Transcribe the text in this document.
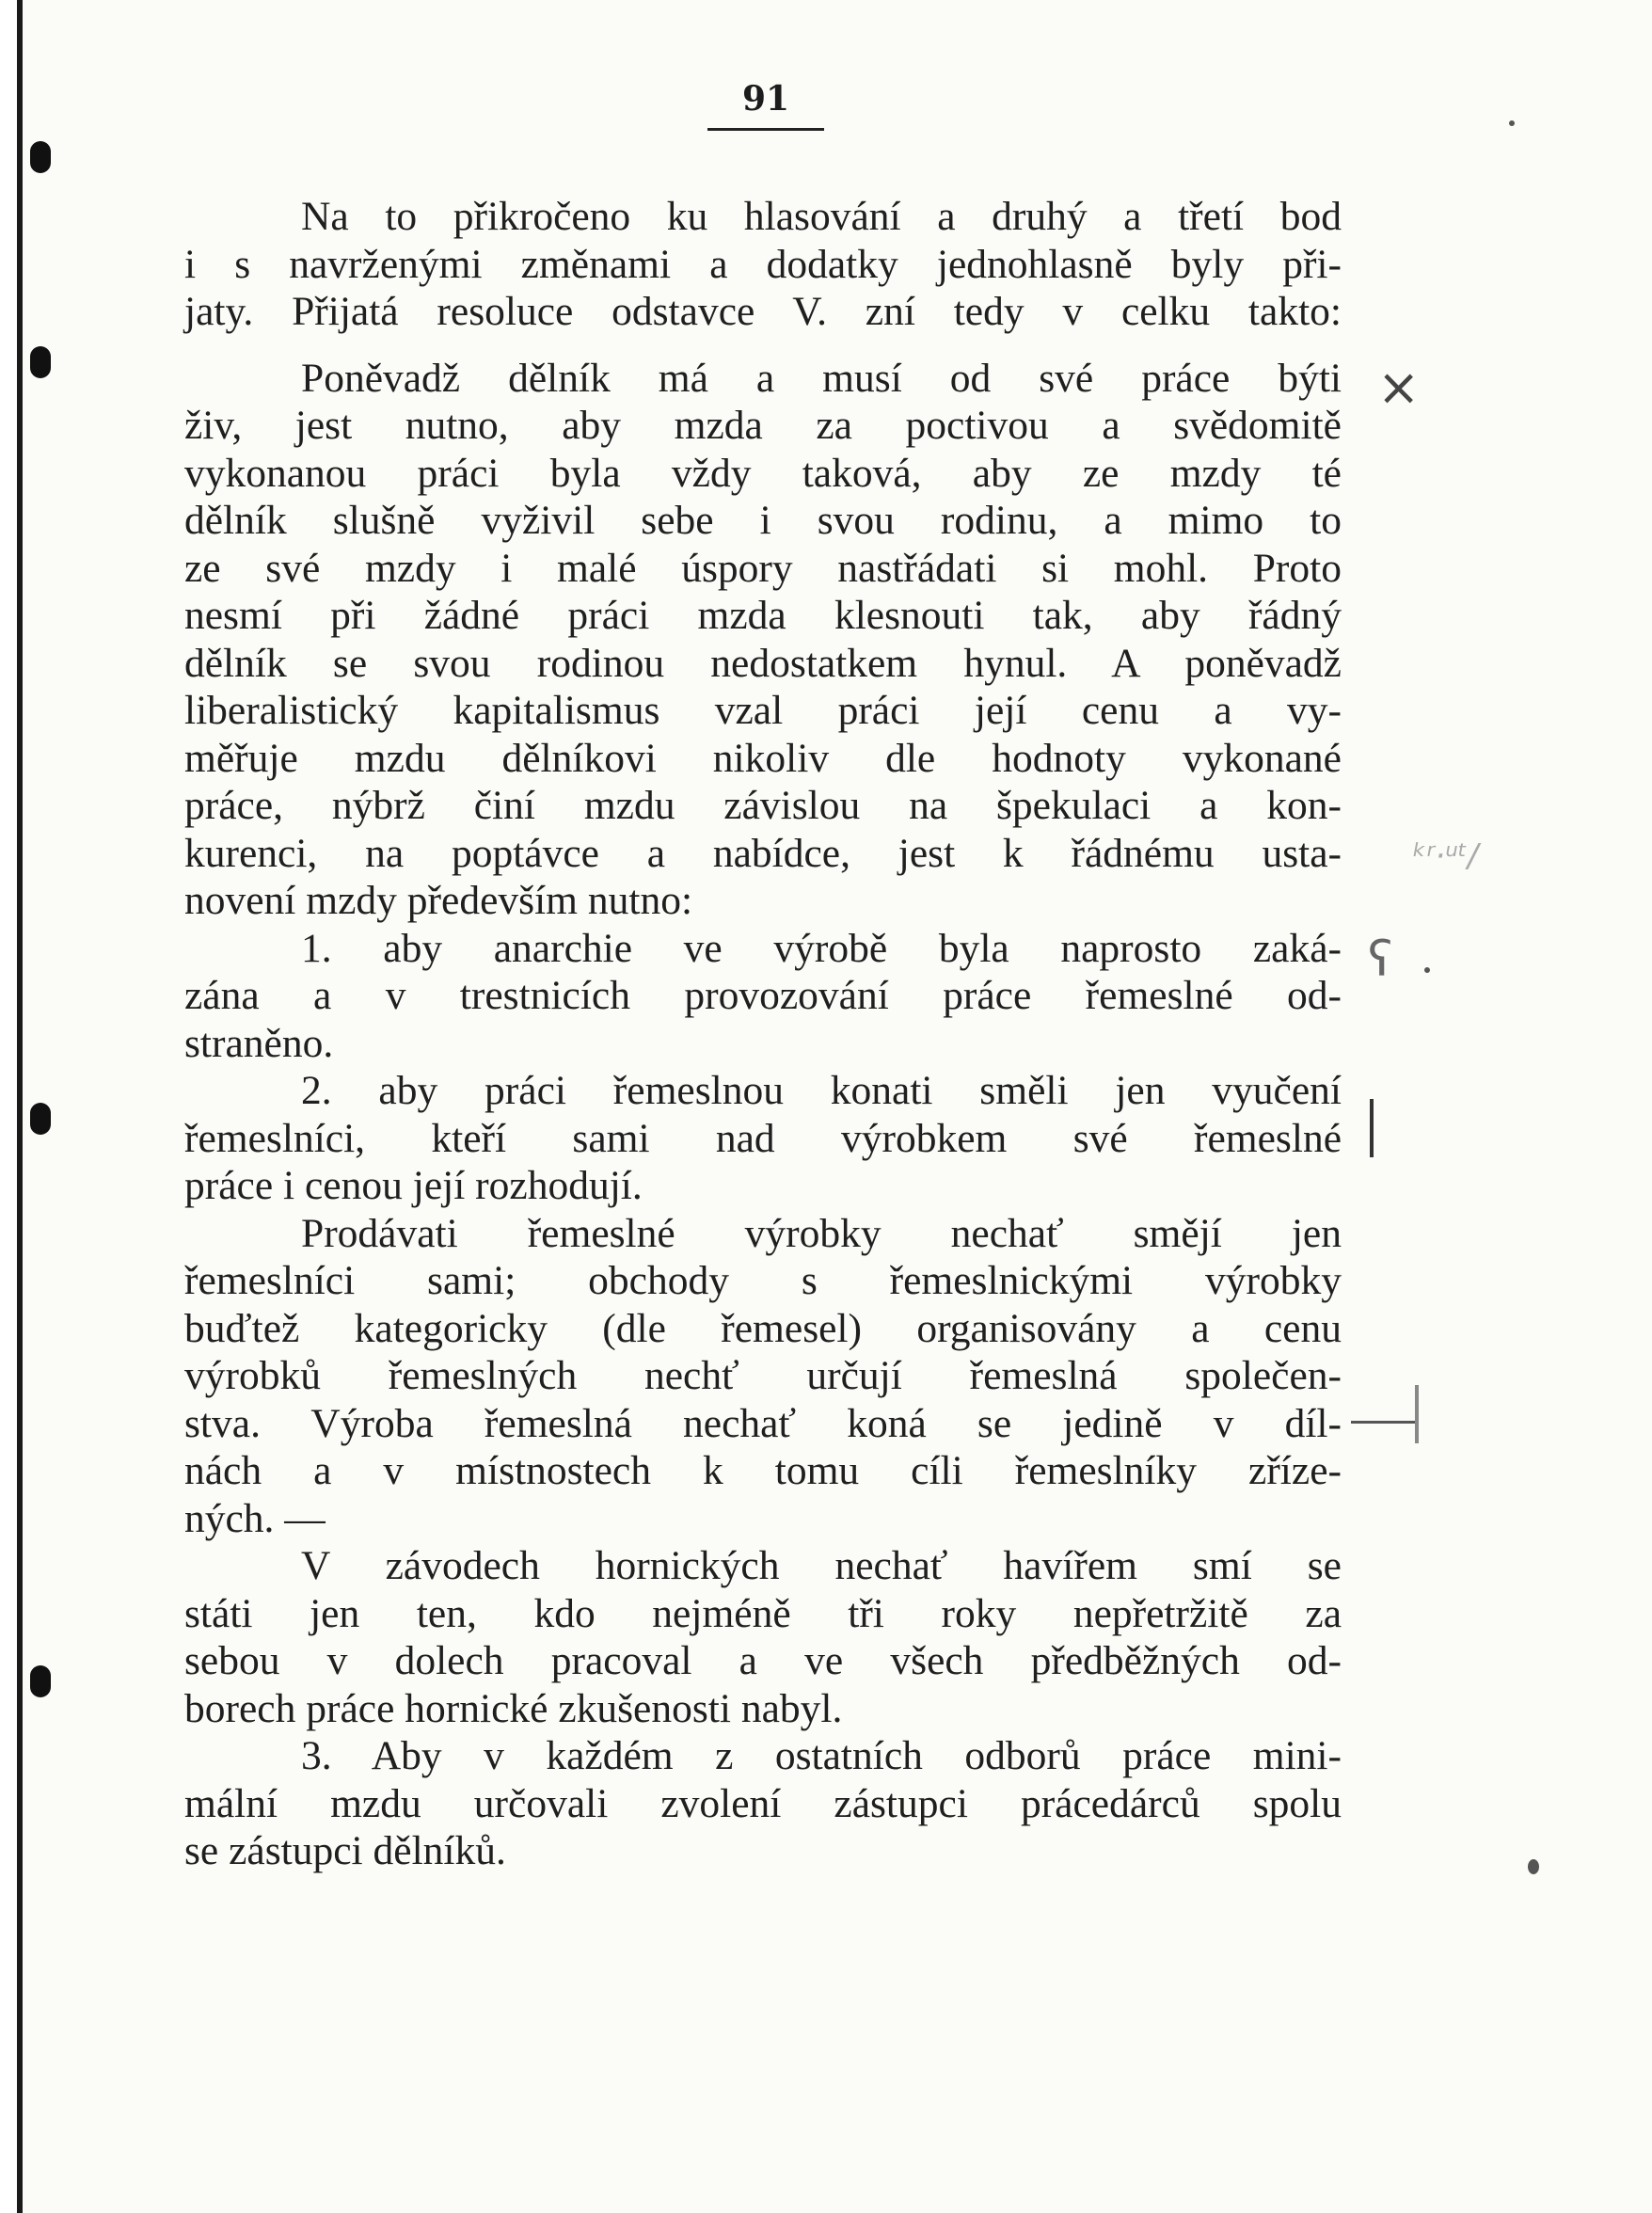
91
Na to přikročeno ku hlasování a druhý a třetí bod
i s navrženými změnami a dodatky jednohlasně byly při-
jaty. Přijatá resoluce odstavce V. zní tedy v celku takto:
Poněvadž dělník má a musí od své práce býti
živ, jest nutno, aby mzda za poctivou a svědomitě
vykonanou práci byla vždy taková, aby ze mzdy té
dělník slušně vyživil sebe i svou rodinu, a mimo to
ze své mzdy i malé úspory nastřádati si mohl. Proto
nesmí při žádné práci mzda klesnouti tak, aby řádný
dělník se svou rodinou nedostatkem hynul. A poněvadž
liberalistický kapitalismus vzal práci její cenu a vy-
měřuje mzdu dělníkovi nikoliv dle hodnoty vykonané
práce, nýbrž činí mzdu závislou na špekulaci a kon-
kurenci, na poptávce a nabídce, jest k řádnému usta-
novení mzdy především nutno:
1. aby anarchie ve výrobě byla naprosto zaká-
zána a v trestnicích provozování práce řemeslné od-
straněno.
2. aby práci řemeslnou konati směli jen vyučení
řemeslníci, kteří sami nad výrobkem své řemeslné
práce i cenou její rozhodují.
Prodávati řemeslné výrobky nechať smějí jen
řemeslníci sami; obchody s řemeslnickými výrobky
buďtež kategoricky (dle řemesel) organisovány a cenu
výrobků řemeslných nechť určují řemeslná společen-
stva. Výroba řemeslná nechať koná se jedině v díl-
nách a v místnostech k tomu cíli řemeslníky zříze-
ných. —
V závodech hornických nechať havířem smí se
státi jen ten, kdo nejméně tři roky nepřetržitě za
sebou v dolech pracoval a ve všech předběžných od-
borech práce hornické zkušenosti nabyl.
3. Aby v každém z ostatních odborů práce mini-
mální mzdu určovali zvolení zástupci prácedárců spolu
se zástupci dělníků.
×
ᵏʳ·ᵘᵗ/
ʕ
